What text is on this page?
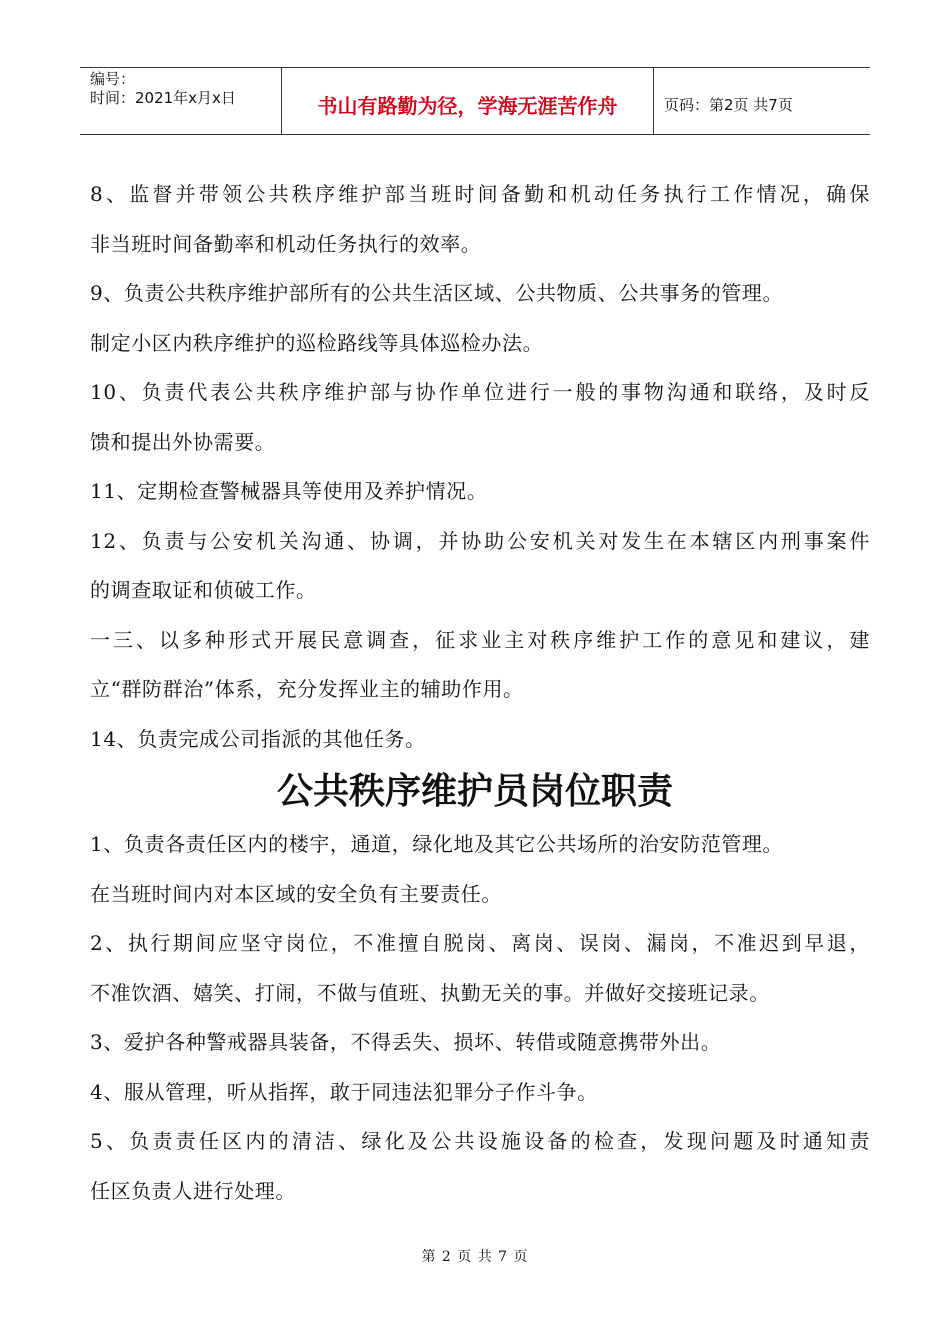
编号：
时间：2021年x月x日	书山有路勤为径，学海无涯苦作舟	页码：第2页 共7页
8、监督并带领公共秩序维护部当班时间备勤和机动任务执行工作情况，确保
非当班时间备勤率和机动任务执行的效率。
9、负责公共秩序维护部所有的公共生活区域、公共物质、公共事务的管理。
制定小区内秩序维护的巡检路线等具体巡检办法。
10、负责代表公共秩序维护部与协作单位进行一般的事物沟通和联络，及时反
馈和提出外协需要。
11、定期检查警械器具等使用及养护情况。
12、负责与公安机关沟通、协调，并协助公安机关对发生在本辖区内刑事案件
的调查取证和侦破工作。
一三、以多种形式开展民意调查，征求业主对秩序维护工作的意见和建议，建
立“群防群治”体系，充分发挥业主的辅助作用。
14、负责完成公司指派的其他任务。
公共秩序维护员岗位职责
1、负责各责任区内的楼宇，通道，绿化地及其它公共场所的治安防范管理。
在当班时间内对本区域的安全负有主要责任。
2、执行期间应坚守岗位，不准擅自脱岗、离岗、误岗、漏岗，不准迟到早退，
不准饮酒、嬉笑、打闹，不做与值班、执勤无关的事。并做好交接班记录。
3、爱护各种警戒器具装备，不得丢失、损坏、转借或随意携带外出。
4、服从管理，听从指挥，敢于同违法犯罪分子作斗争。
5、负责责任区内的清洁、绿化及公共设施设备的检查，发现问题及时通知责
任区负责人进行处理。
第 2 页 共 7 页
